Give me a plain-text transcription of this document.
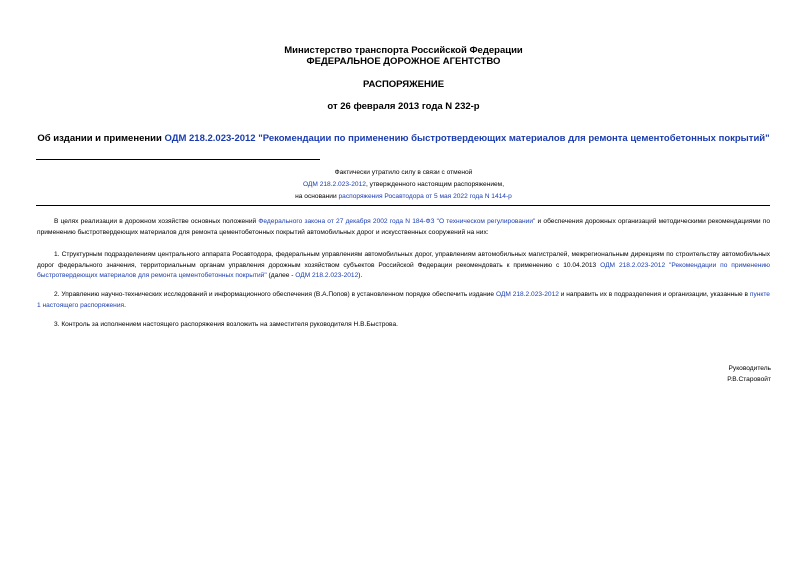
Министерство транспорта Российской Федерации
ФЕДЕРАЛЬНОЕ ДОРОЖНОЕ АГЕНТСТВО
РАСПОРЯЖЕНИЕ
от 26 февраля 2013 года N 232-р
Об издании и применении ОДМ 218.2.023-2012 "Рекомендации по применению быстротвердеющих материалов для ремонта цементобетонных покрытий"
Фактически утратило силу в связи с отменой
ОДМ 218.2.023-2012, утвержденного настоящим распоряжением,
на основании распоряжения Росавтодора от 5 мая 2022 года N 1414-р
В целях реализации в дорожном хозяйстве основных положений Федерального закона от 27 декабря 2002 года N 184-ФЗ "О техническом регулировании" и обеспечения дорожных организаций методическими рекомендациями по применению быстротвердеющих материалов для ремонта цементобетонных покрытий автомобильных дорог и искусственных сооружений на них:
1. Структурным подразделениям центрального аппарата Росавтодора, федеральным управлениям автомобильных дорог, управлениям автомобильных магистралей, межрегиональным дирекциям по строительству автомобильных дорог федерального значения, территориальным органам управления дорожным хозяйством субъектов Российской Федерации рекомендовать к применению с 10.04.2013 ОДМ 218.2.023-2012 "Рекомендации по применению быстротвердеющих материалов для ремонта цементобетонных покрытий" (далее - ОДМ 218.2.023-2012).
2. Управлению научно-технических исследований и информационного обеспечения (В.А.Попов) в установленном порядке обеспечить издание ОДМ 218.2.023-2012 и направить их в подразделения и организации, указанные в пункте 1 настоящего распоряжения.
3. Контроль за исполнением настоящего распоряжения возложить на заместителя руководителя Н.В.Быстрова.
Руководитель
Р.В.Старовойт
